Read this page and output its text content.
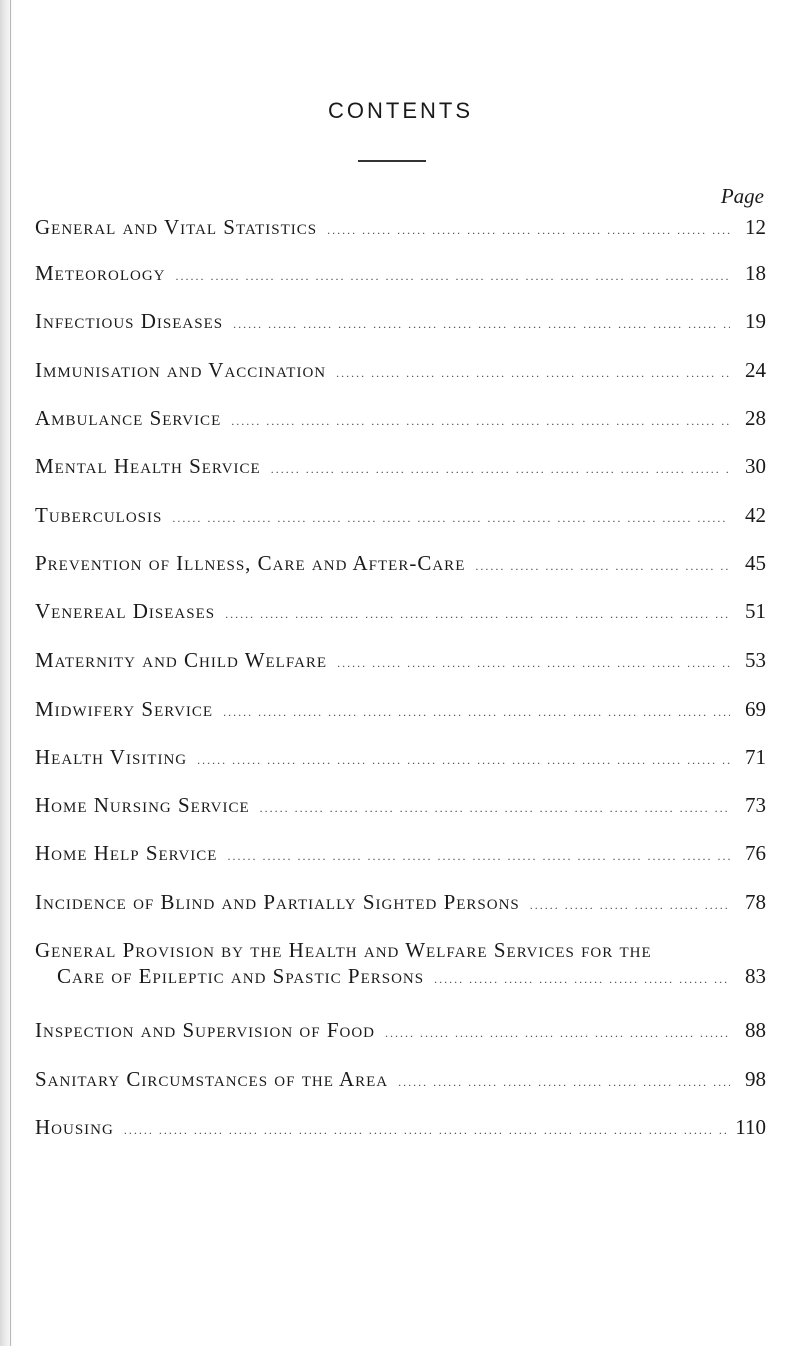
CONTENTS
Page
General and Vital Statistics .....	12
Meteorology .....	18
Infectious Diseases .....	19
Immunisation and Vaccination .....	24
Ambulance Service .....	28
Mental Health Service .....	30
Tuberculosis .....	42
Prevention of Illness, Care and After-Care .....	45
Venereal Diseases .....	51
Maternity and Child Welfare .....	53
Midwifery Service .....	69
Health Visiting .....	71
Home Nursing Service .....	73
Home Help Service .....	76
Incidence of Blind and Partially Sighted Persons .....	78
General Provision by the Health and Welfare Services for the
Care of Epileptic and Spastic Persons .....	83
Inspection and Supervision of Food .....	88
Sanitary Circumstances of the Area .....	98
Housing .....	110
